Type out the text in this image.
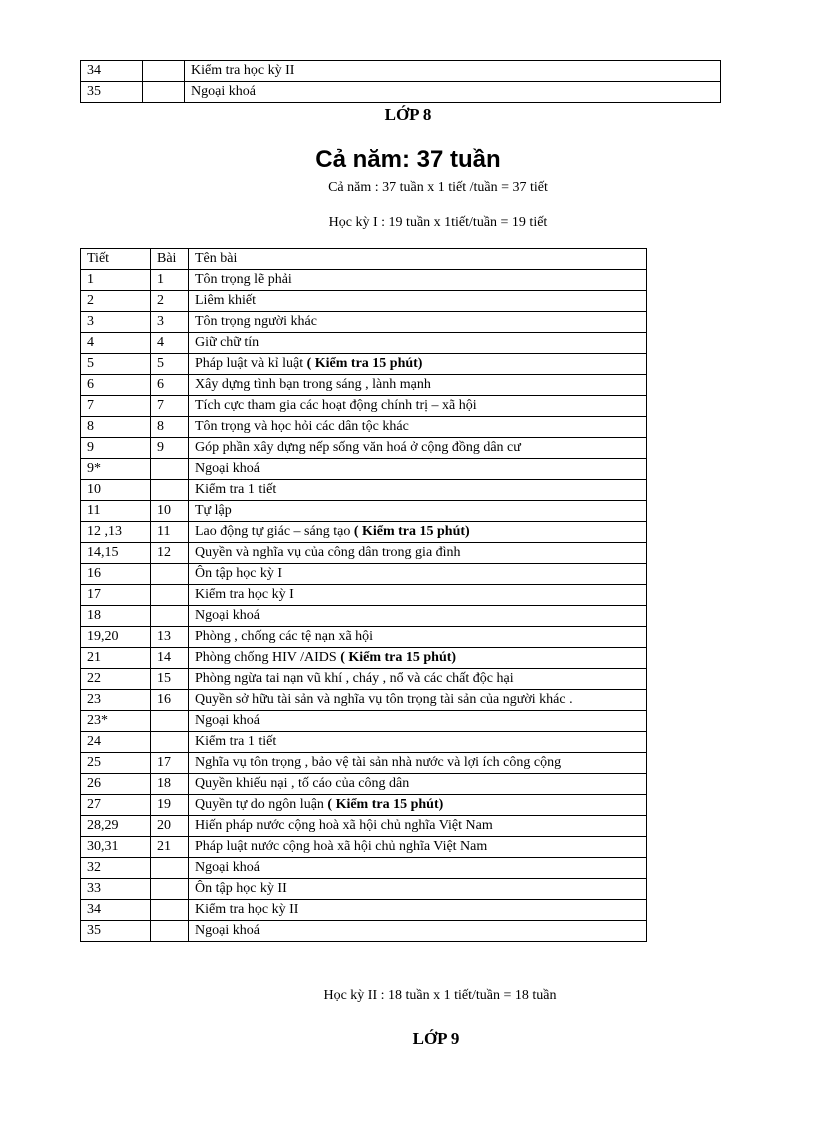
34		Kiểm tra học kỳ II
35		Ngoại khoá
LỚP 8
Cả năm: 37 tuần
Cả năm : 37 tuần x 1 tiết /tuần = 37 tiết
Học kỳ I : 19 tuần x 1tiết/tuần = 19 tiết
Tiết	Bài	Tên bài
1	1	Tôn trọng lẽ phải
2	2	Liêm khiết
3	3	Tôn trọng người khác
4	4	Giữ chữ tín
5	5	Pháp luật và kỉ luật ( Kiểm tra 15 phút)
6	6	Xây dựng tình bạn trong sáng , lành mạnh
7	7	Tích cực tham gia các hoạt động chính trị – xã hội
8	8	Tôn trọng và học hỏi các dân tộc khác
9	9	Góp phần xây dựng nếp sống văn hoá ở cộng đồng dân cư
9*		Ngoại khoá
10		Kiểm tra 1 tiết
11	10	Tự lập
12 ,13	11	Lao động tự giác – sáng tạo ( Kiểm tra 15 phút)
14,15	12	Quyền và nghĩa vụ của công dân trong gia đình
16		Ôn tập học kỳ I
17		Kiểm tra học kỳ I
18		Ngoại khoá
19,20	13	Phòng , chống các tệ nạn xã hội
21	14	Phòng chống HIV /AIDS ( Kiểm tra 15 phút)
22	15	Phòng ngừa tai nạn vũ khí , cháy , nổ và các chất độc hại
23	16	Quyền sở hữu tài sản và nghĩa vụ tôn trọng tài sản của người khác .
23*		Ngoại khoá
24		Kiểm tra 1 tiết
25	17	Nghĩa vụ tôn trọng , bảo vệ tài sản nhà nước và lợi ích công cộng
26	18	Quyền khiếu nại , tố cáo của công dân
27	19	Quyền tự do ngôn luận ( Kiểm tra 15 phút)
28,29	20	Hiến pháp nước cộng hoà xã hội chủ nghĩa Việt Nam
30,31	21	Pháp luật nước cộng hoà xã hội chủ nghĩa Việt Nam
32		Ngoại khoá
33		Ôn tập học kỳ II
34		Kiểm tra học kỳ II
35		Ngoại khoá
Học kỳ II : 18 tuần x 1 tiết/tuần = 18 tuần
LỚP 9
